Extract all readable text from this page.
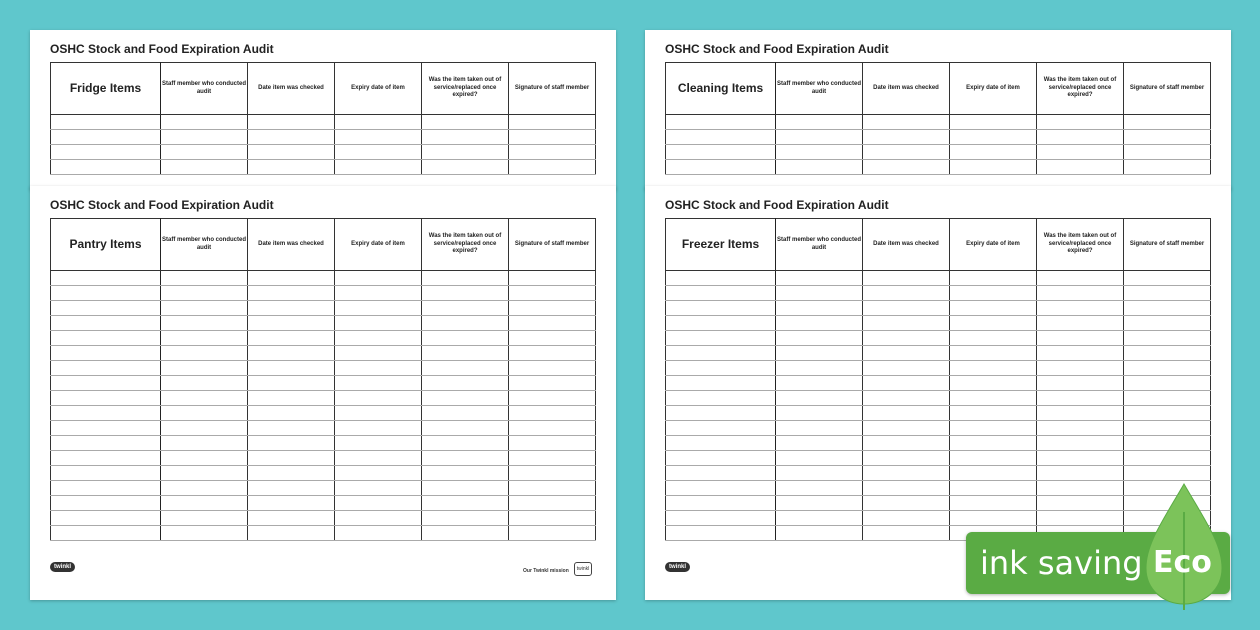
OSHC Stock and Food Expiration Audit
Fridge Items	Staff member who conducted audit	Date item was checked	Expiry date of item	Was the item taken out of service/replaced once expired?	Signature of staff member

OSHC Stock and Food Expiration Audit
Cleaning Items	Staff member who conducted audit	Date item was checked	Expiry date of item	Was the item taken out of service/replaced once expired?	Signature of staff member

OSHC Stock and Food Expiration Audit
Pantry Items	Staff member who conducted audit	Date item was checked	Expiry date of item	Was the item taken out of service/replaced once expired?	Signature of staff member

twinkl
Our Twinkl mission	twinkl
OSHC Stock and Food Expiration Audit
Freezer Items	Staff member who conducted audit	Date item was checked	Expiry date of item	Was the item taken out of service/replaced once expired?	Signature of staff member

twinkl	ink saving Eco
